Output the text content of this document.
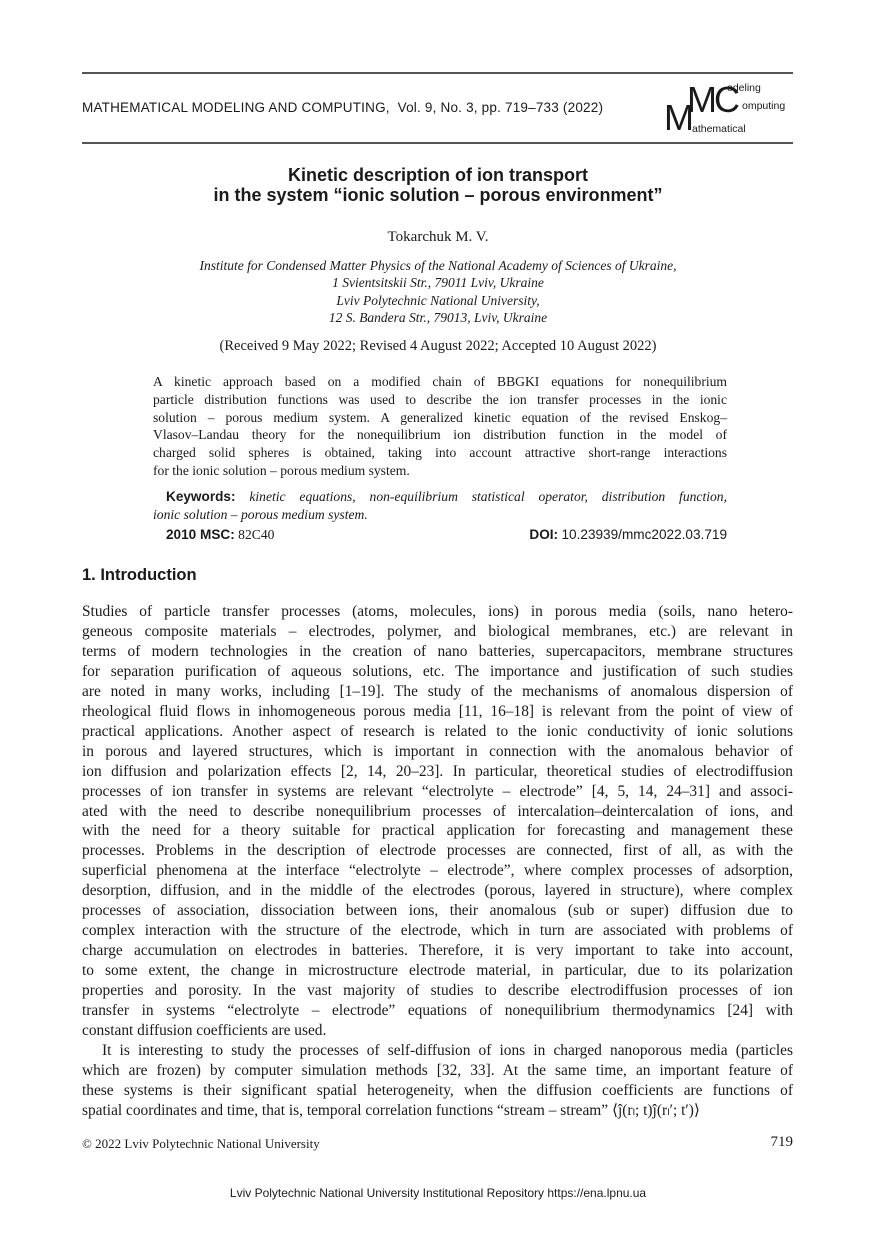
MATHEMATICAL MODELING AND COMPUTING, Vol. 9, No. 3, pp. 719–733 (2022) M
MC
odeling
omputing
athematical
Kinetic description of ion transport
in the system “ionic solution – porous environment”
Tokarchuk M. V.
Institute for Condensed Matter Physics of the National Academy of Sciences of Ukraine,
1 Svientsitskii Str., 79011 Lviv, Ukraine
Lviv Polytechnic National University,
12 S. Bandera Str., 79013, Lviv, Ukraine
(Received 9 May 2022; Revised 4 August 2022; Accepted 10 August 2022)
A kinetic approach based on a modified chain of BBGKI equations for nonequilibrium
particle distribution functions was used to describe the ion transfer processes in the ionic
solution – porous medium system. A generalized kinetic equation of the revised Enskog–
Vlasov–Landau theory for the nonequilibrium ion distribution function in the model of
charged solid spheres is obtained, taking into account attractive short-range interactions
for the ionic solution – porous medium system.
Keywords: kinetic equations, non-equilibrium statistical operator, distribution function,
ionic solution – porous medium system.
2010 MSC: 82C40	DOI: 10.23939/mmc2022.03.719
1. Introduction
Studies of particle transfer processes (atoms, molecules, ions) in porous media (soils, nano hetero-
geneous composite materials – electrodes, polymer, and biological membranes, etc.) are relevant in
terms of modern technologies in the creation of nano batteries, supercapacitors, membrane structures
for separation purification of aqueous solutions, etc. The importance and justification of such studies
are noted in many works, including [1–19]. The study of the mechanisms of anomalous dispersion of
rheological fluid flows in inhomogeneous porous media [11, 16–18] is relevant from the point of view of
practical applications. Another aspect of research is related to the ionic conductivity of ionic solutions
in porous and layered structures, which is important in connection with the anomalous behavior of
ion diffusion and polarization effects [2, 14, 20–23]. In particular, theoretical studies of electrodiffusion
processes of ion transfer in systems are relevant “electrolyte – electrode” [4, 5, 14, 24–31] and associ-
ated with the need to describe nonequilibrium processes of intercalation–deintercalation of ions, and
with the need for a theory suitable for practical application for forecasting and management these
processes. Problems in the description of electrode processes are connected, first of all, as with the
superficial phenomena at the interface “electrolyte – electrode”, where complex processes of adsorption,
desorption, diffusion, and in the middle of the electrodes (porous, layered in structure), where complex
processes of association, dissociation between ions, their anomalous (sub or super) diffusion due to
complex interaction with the structure of the electrode, which in turn are associated with problems of
charge accumulation on electrodes in batteries. Therefore, it is very important to take into account,
to some extent, the change in microstructure electrode material, in particular, due to its polarization
properties and porosity. In the vast majority of studies to describe electrodiffusion processes of ion
transfer in systems “electrolyte – electrode” equations of nonequilibrium thermodynamics [24] with
constant diffusion coefficients are used.
It is interesting to study the processes of self-diffusion of ions in charged nanoporous media (particles
which are frozen) by computer simulation methods [32, 33]. At the same time, an important feature of
these systems is their significant spatial heterogeneity, when the diffusion coefficients are functions of
spatial coordinates and time, that is, temporal correlation functions “stream – stream” ⟨ĵ(rₗ; t)ĵ(rₗ′; t′)⟩
© 2022 Lviv Polytechnic National University	719
Lviv Polytechnic National University Institutional Repository https://ena.lpnu.ua
